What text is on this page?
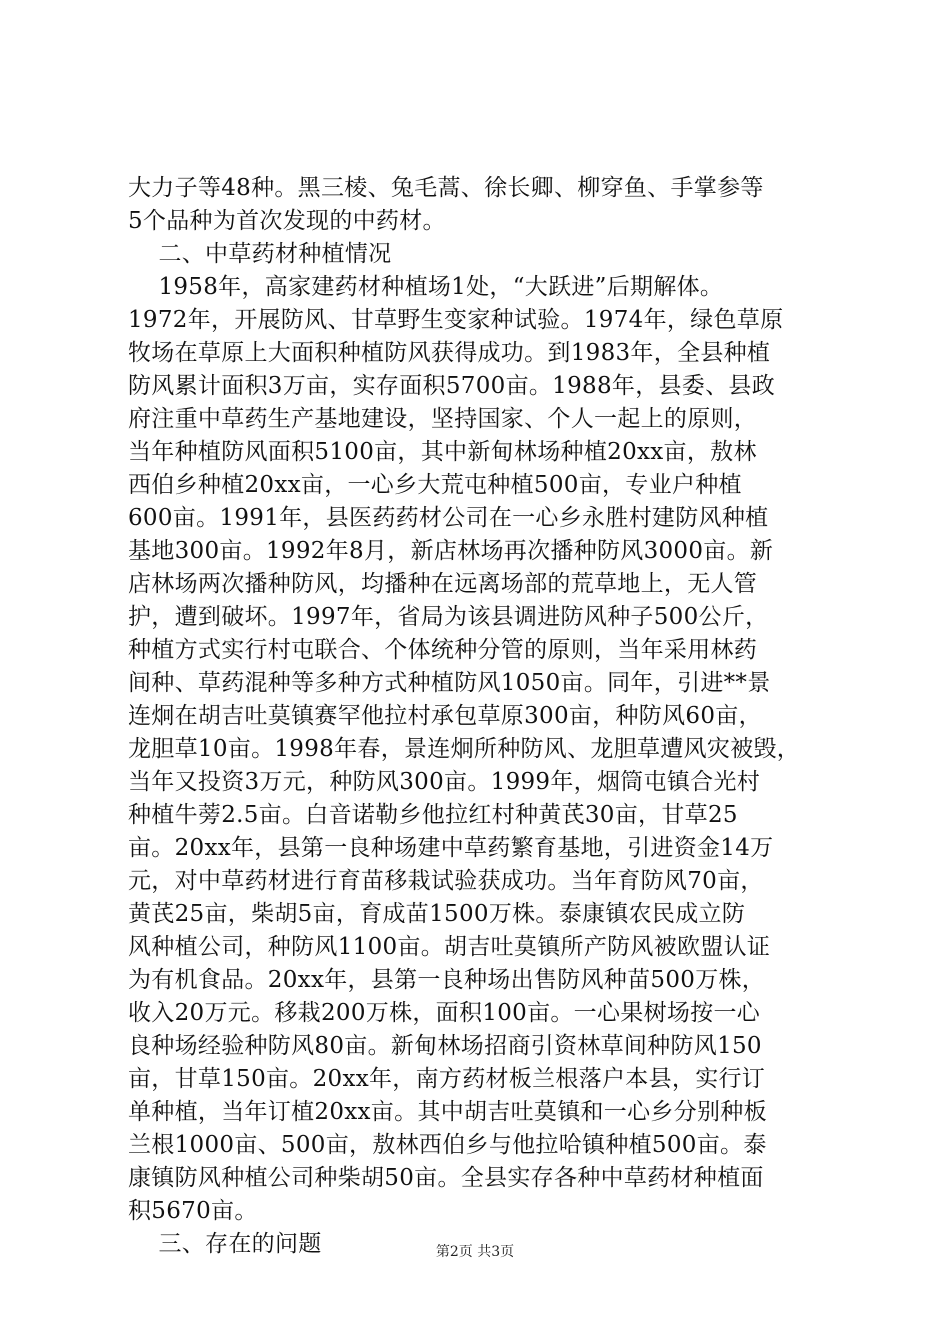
大力子等48种。黑三棱、兔毛蒿、徐长卿、柳穿鱼、手掌参等
5个品种为首次发现的中药材。
二、中草药材种植情况
1958年，高家建药材种植场1处，“大跃进”后期解体。
1972年，开展防风、甘草野生变家种试验。1974年，绿色草原
牧场在草原上大面积种植防风获得成功。到1983年，全县种植
防风累计面积3万亩，实存面积5700亩。1988年，县委、县政
府注重中草药生产基地建设，坚持国家、个人一起上的原则，
当年种植防风面积5100亩，其中新甸林场种植20xx亩，敖林
西伯乡种植20xx亩，一心乡大荒屯种植500亩，专业户种植
600亩。1991年，县医药药材公司在一心乡永胜村建防风种植
基地300亩。1992年8月，新店林场再次播种防风3000亩。新
店林场两次播种防风，均播种在远离场部的荒草地上，无人管
护，遭到破坏。1997年，省局为该县调进防风种子500公斤，
种植方式实行村屯联合、个体统种分管的原则，当年采用林药
间种、草药混种等多种方式种植防风1050亩。同年，引进**景
连炯在胡吉吐莫镇赛罕他拉村承包草原300亩，种防风60亩，
龙胆草10亩。1998年春，景连炯所种防风、龙胆草遭风灾被毁，
当年又投资3万元，种防风300亩。1999年，烟筒屯镇合光村
种植牛蒡2.5亩。白音诺勒乡他拉红村种黄芪30亩，甘草25
亩。20xx年，县第一良种场建中草药繁育基地，引进资金14万
元，对中草药材进行育苗移栽试验获成功。当年育防风70亩，
黄芪25亩，柴胡5亩，育成苗1500万株。泰康镇农民成立防
风种植公司，种防风1100亩。胡吉吐莫镇所产防风被欧盟认证
为有机食品。20xx年，县第一良种场出售防风种苗500万株，
收入20万元。移栽200万株，面积100亩。一心果树场按一心
良种场经验种防风80亩。新甸林场招商引资林草间种防风150
亩，甘草150亩。20xx年，南方药材板兰根落户本县，实行订
单种植，当年订植20xx亩。其中胡吉吐莫镇和一心乡分别种板
兰根1000亩、500亩，敖林西伯乡与他拉哈镇种植500亩。泰
康镇防风种植公司种柴胡50亩。全县实存各种中草药材种植面
积5670亩。
三、存在的问题	第2页 共3页
